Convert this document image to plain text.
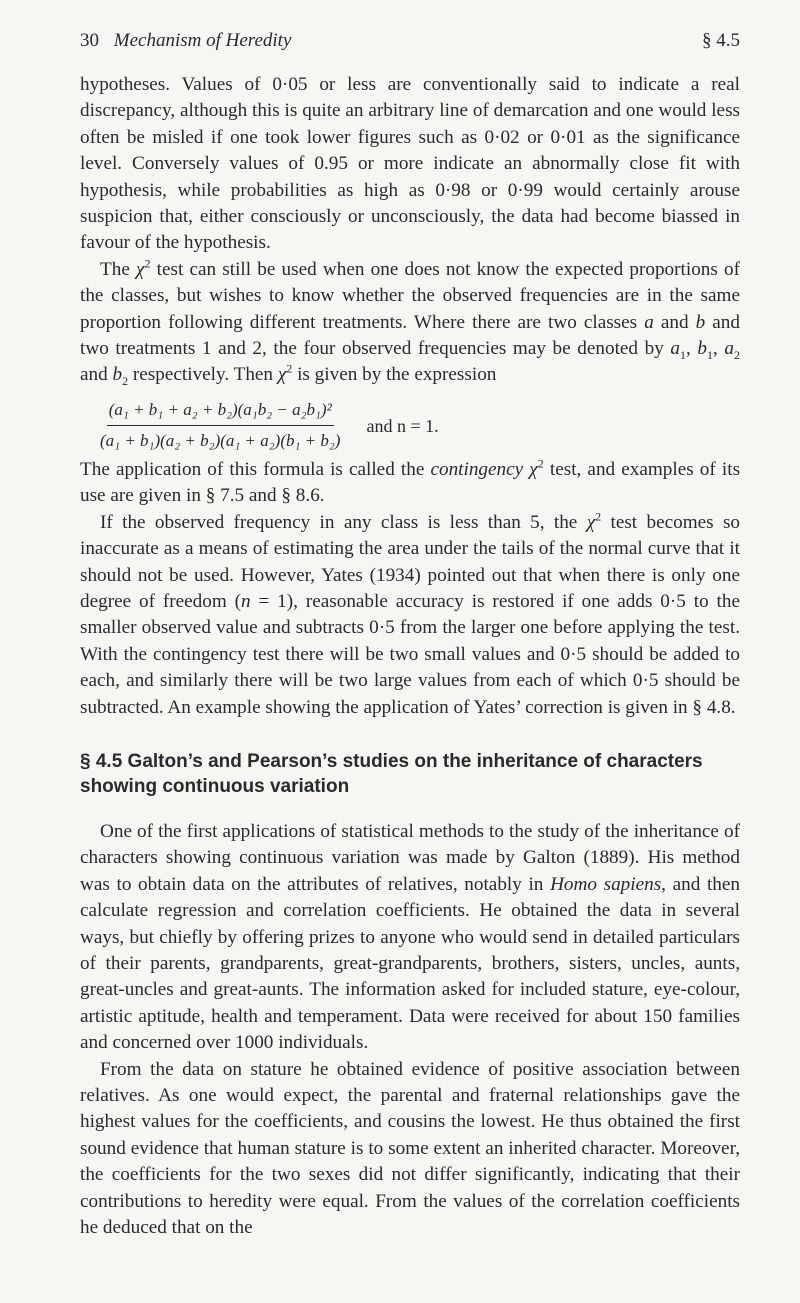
30 Mechanism of Heredity	§ 4.5

hypotheses. Values of 0·05 or less are conventionally said to indicate a real discrepancy, although this is quite an arbitrary line of demarcation and one would less often be misled if one took lower figures such as 0·02 or 0·01 as the significance level. Conversely values of 0.95 or more indicate an abnormally close fit with hypothesis, while probabilities as high as 0·98 or 0·99 would certainly arouse suspicion that, either consciously or unconsciously, the data had become biassed in favour of the hypothesis.

The $\chi^2$ test can still be used when one does not know the expected proportions of the classes, but wishes to know whether the observed frequencies are in the same proportion following different treatments. Where there are two classes a and b and two treatments 1 and 2, the four observed frequencies may be denoted by $a_1$, $b_1$, $a_2$ and $b_2$ respectively. Then $\chi^2$ is given by the expression

$\frac{\text{(a₁ + b₁ + a₂ + b₂)(a₁b₂ − a₂b₁)²}}{\text{(a₁ + b₁)(a₂ + b₂)(a₁ + a₂)(b₁ + b₂)}}$ and n = 1.

The application of this formula is called the contingency $\chi^2$ test, and examples of its use are given in § 7.5 and § 8.6.

If the observed frequency in any class is less than 5, the $\chi^2$ test becomes so inaccurate as a means of estimating the area under the tails of the normal curve that it should not be used. However, Yates (1934) pointed out that when there is only one degree of freedom (n = 1), reasonable accuracy is restored if one adds 0·5 to the smaller observed value and subtracts 0·5 from the larger one before applying the test. With the contingency test there will be two small values and 0·5 should be added to each, and similarly there will be two large values from each of which 0·5 should be subtracted. An example showing the application of Yates’ correction is given in § 4.8.

§ 4.5 Galton’s and Pearson’s studies on the inheritance of characters showing continuous variation

One of the first applications of statistical methods to the study of the inheritance of characters showing continuous variation was made by Galton (1889). His method was to obtain data on the attributes of relatives, notably in Homo sapiens, and then calculate regression and correlation coefficients. He obtained the data in several ways, but chiefly by offering prizes to anyone who would send in detailed particulars of their parents, grandparents, great-grandparents, brothers, sisters, uncles, aunts, great-uncles and great-aunts. The information asked for included stature, eye-colour, artistic aptitude, health and temperament. Data were received for about 150 families and concerned over 1000 individuals.

From the data on stature he obtained evidence of positive association between relatives. As one would expect, the parental and fraternal relationships gave the highest values for the coefficients, and cousins the lowest. He thus obtained the first sound evidence that human stature is to some extent an inherited character. Moreover, the coefficients for the two sexes did not differ significantly, indicating that their contributions to heredity were equal. From the values of the correlation coefficients he deduced that on the
